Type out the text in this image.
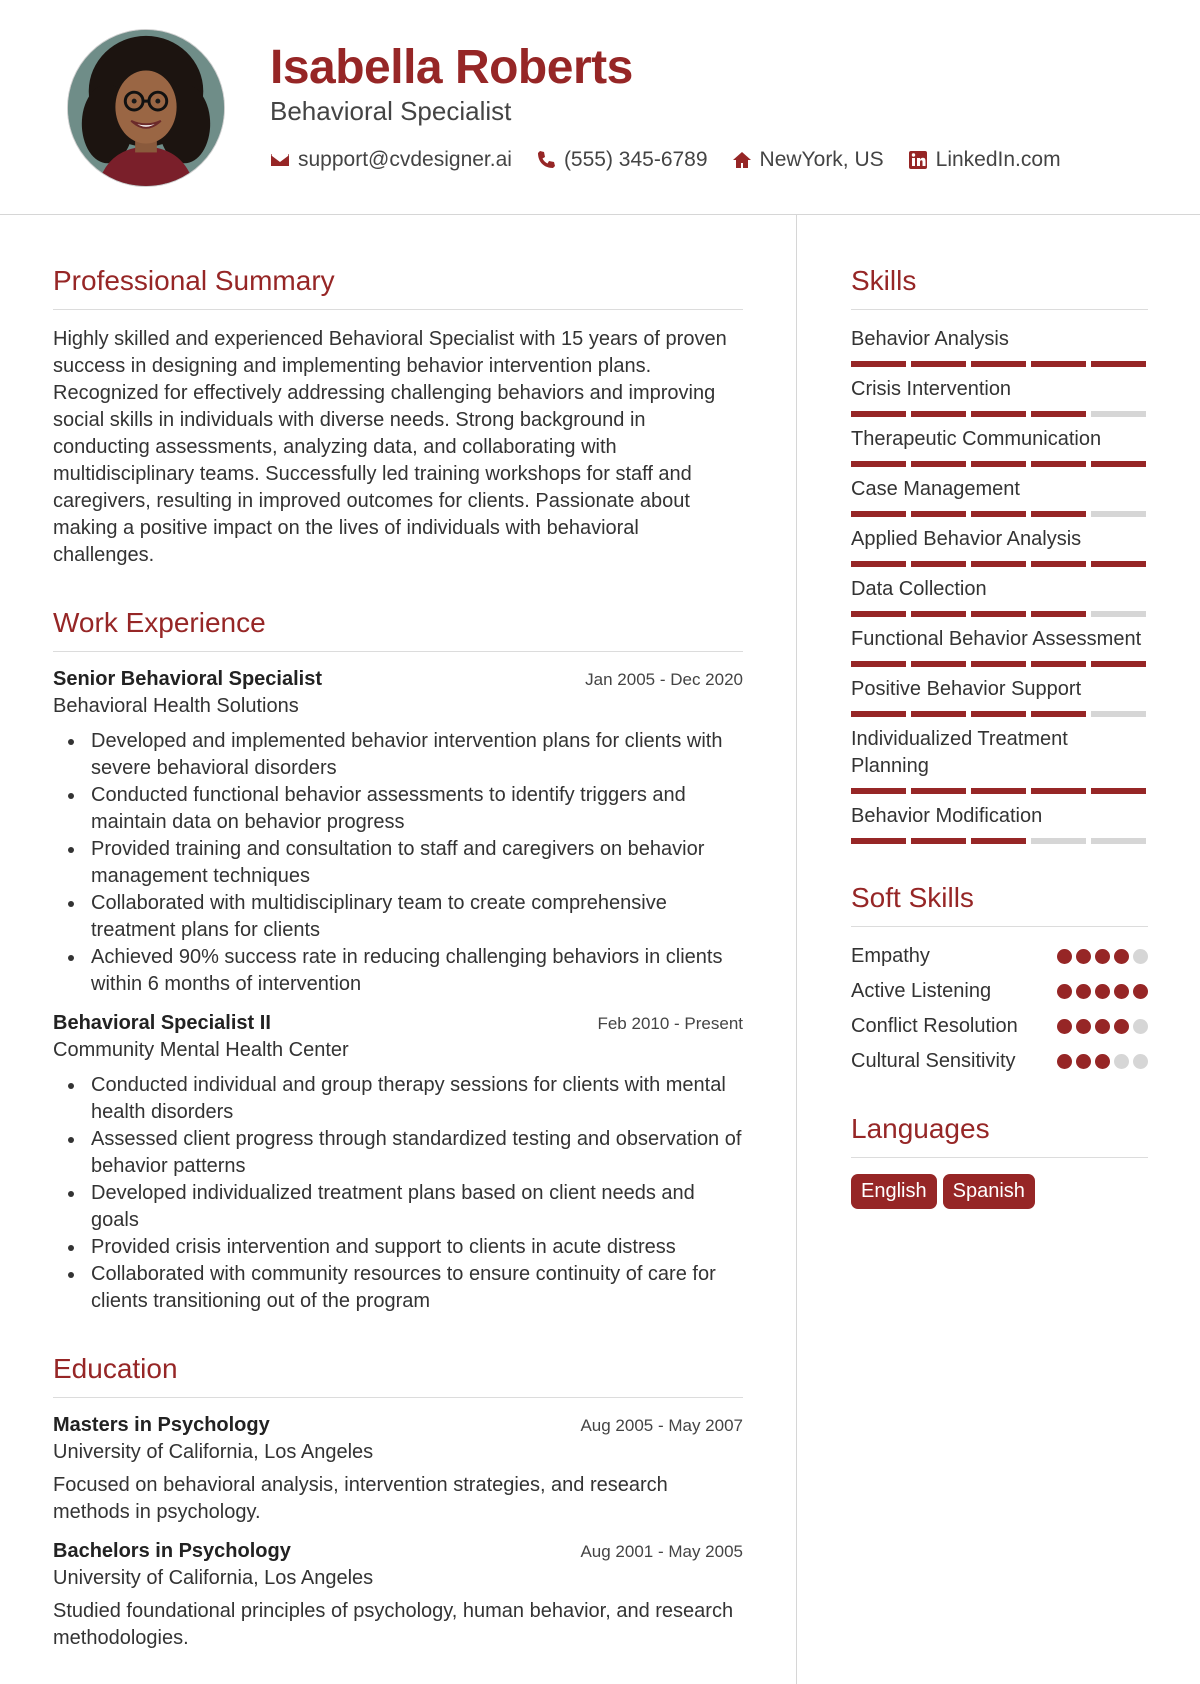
Isabella Roberts
Behavioral Specialist
support@cvdesigner.ai (555) 345-6789 NewYork, US LinkedIn.com
Professional Summary

Highly skilled and experienced Behavioral Specialist with 15 years of proven success in designing and implementing behavior intervention plans. Recognized for effectively addressing challenging behaviors and improving social skills in individuals with diverse needs. Strong background in conducting assessments, analyzing data, and collaborating with multidisciplinary teams. Successfully led training workshops for staff and caregivers, resulting in improved outcomes for clients. Passionate about making a positive impact on the lives of individuals with behavioral challenges.

Work Experience
Senior Behavioral Specialist	Jan 2005 - Dec 2020
Behavioral Health Solutions
Developed and implemented behavior intervention plans for clients with severe behavioral disorders
Conducted functional behavior assessments to identify triggers and maintain data on behavior progress
Provided training and consultation to staff and caregivers on behavior management techniques
Collaborated with multidisciplinary team to create comprehensive treatment plans for clients
Achieved 90% success rate in reducing challenging behaviors in clients within 6 months of intervention
Behavioral Specialist II	Feb 2010 - Present
Community Mental Health Center
Conducted individual and group therapy sessions for clients with mental health disorders
Assessed client progress through standardized testing and observation of behavior patterns
Developed individualized treatment plans based on client needs and goals
Provided crisis intervention and support to clients in acute distress
Collaborated with community resources to ensure continuity of care for clients transitioning out of the program
Education
Masters in Psychology	Aug 2005 - May 2007
University of California, Los Angeles
Focused on behavioral analysis, intervention strategies, and research methods in psychology.
Bachelors in Psychology	Aug 2001 - May 2005
University of California, Los Angeles
Studied foundational principles of psychology, human behavior, and research methodologies.
Skills
Behavior Analysis
Crisis Intervention
Therapeutic Communication
Case Management
Applied Behavior Analysis
Data Collection
Functional Behavior Assessment
Positive Behavior Support
Individualized Treatment Planning
Behavior Modification
Soft Skills
Empathy
Active Listening
Conflict Resolution
Cultural Sensitivity
Languages
English	Spanish
